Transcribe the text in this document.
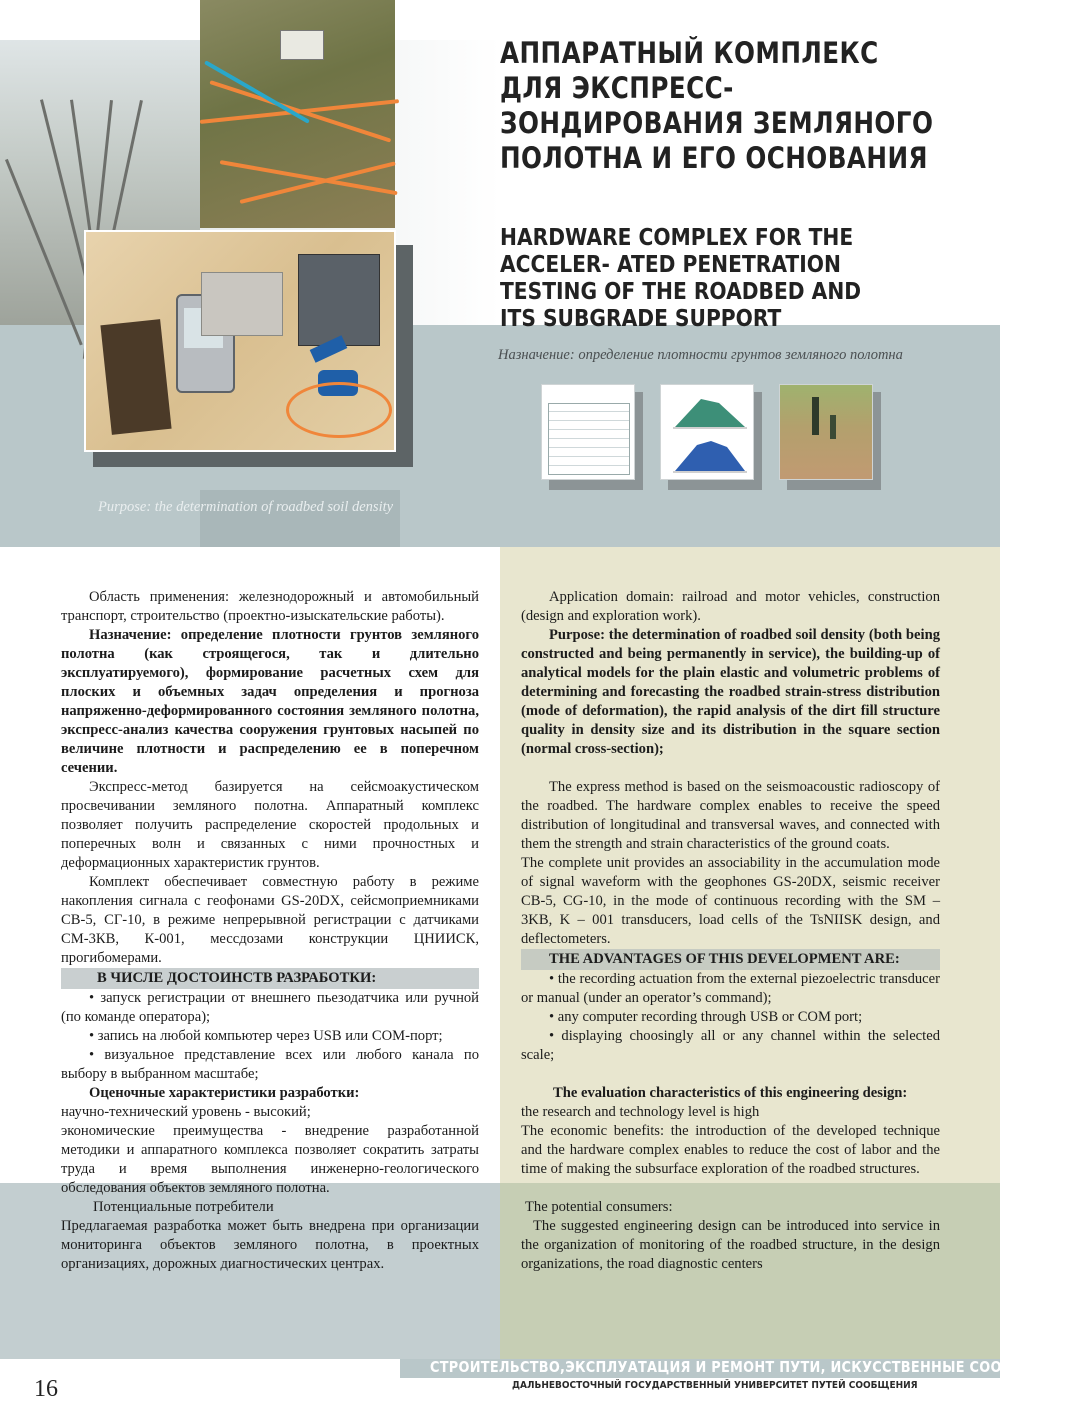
АППАРАТНЫЙ КОМПЛЕКС ДЛЯ ЭКСПРЕСС-ЗОНДИРОВАНИЯ ЗЕМЛЯНОГО ПОЛОТНА И ЕГО ОСНОВАНИЯ
HARDWARE COMPLEX FOR THE ACCELER- ATED PENETRATION TESTING OF THE ROADBED AND ITS SUBGRADE SUPPORT
Назначение: определение плотности грунтов земляного полотна
Purpose: the determination of roadbed soil density

Область применения: железнодорожный и автомобильный транспорт, строительство (проектно-изыскательские работы).

Назначение: определение плотности грунтов земляного полотна (как строящегося, так и длительно эксплуатируемого), формирование расчетных схем для плоских и объемных задач определения и прогноза напряженно-деформированного состояния земляного полотна, экспресс-анализ качества сооружения грунтовых насыпей по величине плотности и распределению ее в поперечном сечении.

Экспресс-метод базируется на сейсмоакустическом просвечивании земляного полотна. Аппаратный комплекс позволяет получить распределение скоростей продольных и поперечных волн и связанных с ними прочностных и деформационных характеристик грунтов.

Комплект обеспечивает совместную работу в режиме накопления сигнала с геофонами GS-20DX, сейсмоприемниками СВ-5, СГ-10, в режиме непрерывной регистрации с датчиками СМ-3КВ, К-001, мессдозами конструкции ЦНИИСК, прогибомерами.

В ЧИСЛЕ ДОСТОИНСТВ РАЗРАБОТКИ:

• запуск регистрации от внешнего пьезодатчика или ручной (по команде оператора);

• запись на любой компьютер через USB или COM-порт;

• визуальное представление всех или любого канала по выбору в выбранном масштабе;

Оценочные характеристики разработки:

научно-технический уровень - высокий;

экономические преимущества - внедрение разработанной методики и аппаратного комплекса позволяет сократить затраты труда и время выполнения инженерно-геологического обследования объектов земляного полотна.

Потенциальные потребители

Предлагаемая разработка может быть внедрена при организации мониторинга объектов земляного полотна, в проектных организациях, дорожных диагностических центрах.

Application domain: railroad and motor vehicles, construction (design and exploration work).

Purpose: the determination of roadbed soil density (both being constructed and being permanently in service), the building-up of analytical models for the plain elastic and volumetric problems of determining and forecasting the roadbed strain-stress distribution (mode of deformation), the rapid analysis of the dirt fill structure quality in density size and its distribution in the square section (normal cross-section);

The express method is based on the seismoacoustic radioscopy of the roadbed. The hardware complex enables to receive the speed distribution of longitudinal and transversal waves, and connected with them the strength and strain characteristics of the ground coats.

The complete unit provides an associability in the accumulation mode of signal waveform with the geophones GS-20DX, seismic receiver CB-5, CG-10, in the mode of continuous recording with the SM – 3KB, K – 001 transducers, load cells of the TsNIISK design, and deflectometers.

THE ADVANTAGES OF THIS DEVELOPMENT ARE:

• the recording actuation from the external piezoelectric transducer or manual (under an operator’s command);

• any computer recording through USB or COM port;

• displaying choosingly all or any channel within the selected scale;

The evaluation characteristics of this engineering design:

the research and technology level is high

The economic benefits: the introduction of the developed technique and the hardware complex enables to reduce the cost of labor and the time of making the subsurface exploration of the roadbed structures.

The potential consumers:

The suggested engineering design can be introduced into service in the organization of monitoring of the roadbed structure, in the design organizations, the road diagnostic centers

СТРОИТЕЛЬСТВО,ЭКСПЛУАТАЦИЯ И РЕМОНТ ПУТИ, ИСКУССТВЕННЫЕ СООРУЖЕНИЯ
ДАЛЬНЕВОСТОЧНЫЙ ГОСУДАРСТВЕННЫЙ УНИВЕРСИТЕТ ПУТЕЙ СООБЩЕНИЯ
16
